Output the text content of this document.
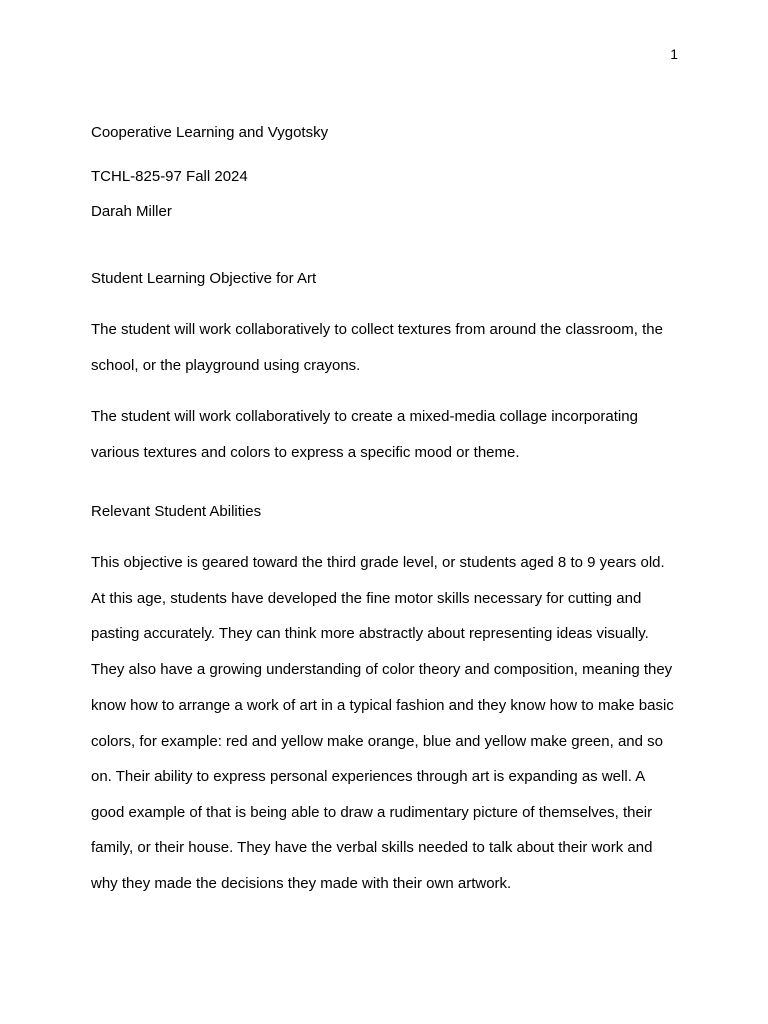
1
Cooperative Learning and Vygotsky
TCHL-825-97 Fall 2024
Darah Miller
Student Learning Objective for Art
The student will work collaboratively to collect textures from around the classroom, the
school, or the playground using crayons.
The student will work collaboratively to create a mixed-media collage incorporating
various textures and colors to express a specific mood or theme.
Relevant Student Abilities
This objective is geared toward the third grade level, or students aged 8 to 9 years old.
At this age, students have developed the fine motor skills necessary for cutting and
pasting accurately. They can think more abstractly about representing ideas visually.
They also have a growing understanding of color theory and composition, meaning they
know how to arrange a work of art in a typical fashion and they know how to make basic
colors, for example: red and yellow make orange, blue and yellow make green, and so
on. Their ability to express personal experiences through art is expanding as well. A
good example of that is being able to draw a rudimentary picture of themselves, their
family, or their house. They have the verbal skills needed to talk about their work and
why they made the decisions they made with their own artwork.
